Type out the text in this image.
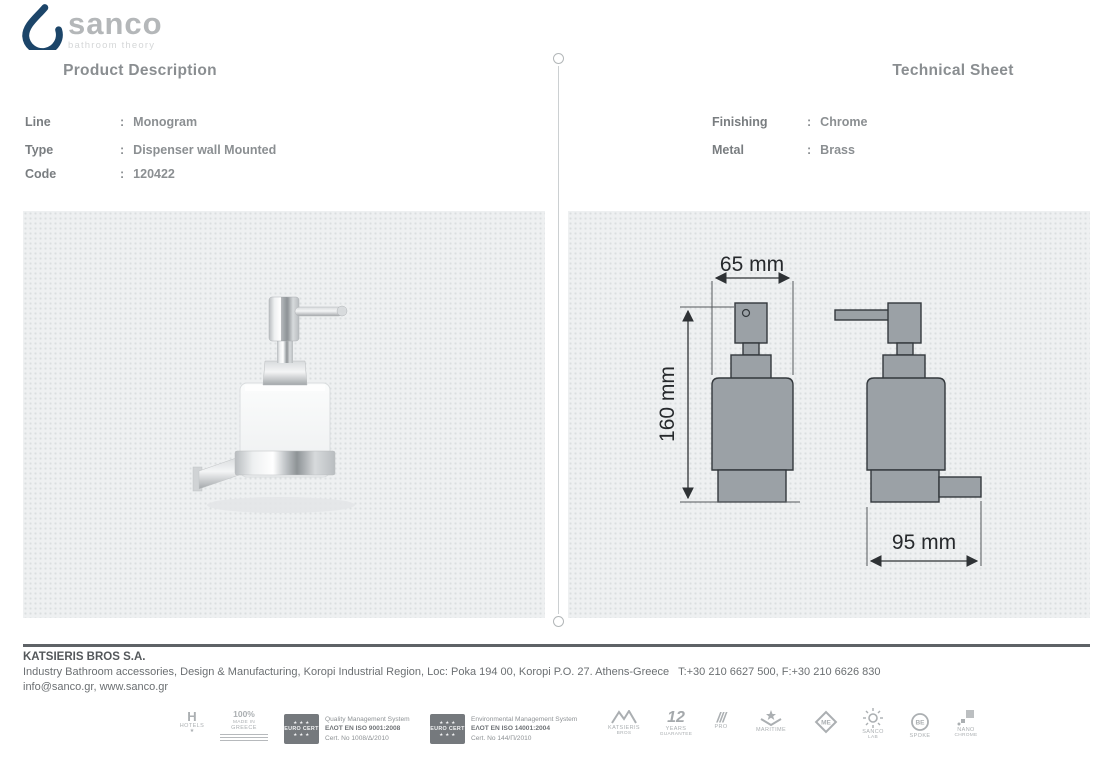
sanco
bathroom theory
Product Description	Technical Sheet
Line	: Monogram
Type	: Dispenser wall Mounted
Code	: 120422
Finishing	: Chrome
Metal	: Brass
65 mm
160 mm
95 mm
KATSIERIS BROS S.A.
Industry Bathroom accessories, Design & Manufacturing, Koropi Industrial Region, Loc: Poka 194 00, Koropi P.O. 27. Athens-Greece   T:+30 210 6627 500, F:+30 210 6626 830
info@sanco.gr, www.sanco.gr
H
HOTELS
★
100%
MADE IN
GREECE
★ ★ ★
EURO CERT
★ ★ ★
Quality Management System
ΕΛΟΤ EN ISO 9001:2008
Cert. No 1008/Δ/2010
★ ★ ★
EURO CERT
★ ★ ★
Environmental Management System
ΕΛΟΤ EN ISO 14001:2004
Cert. No 144/Π/2010
KATSIERIS
BROS
12
YEARS
GUARANTEE
///
PRO	MARITIME
ME
SANCO
LAB
BE
SPOKE
NANO
CHROME
